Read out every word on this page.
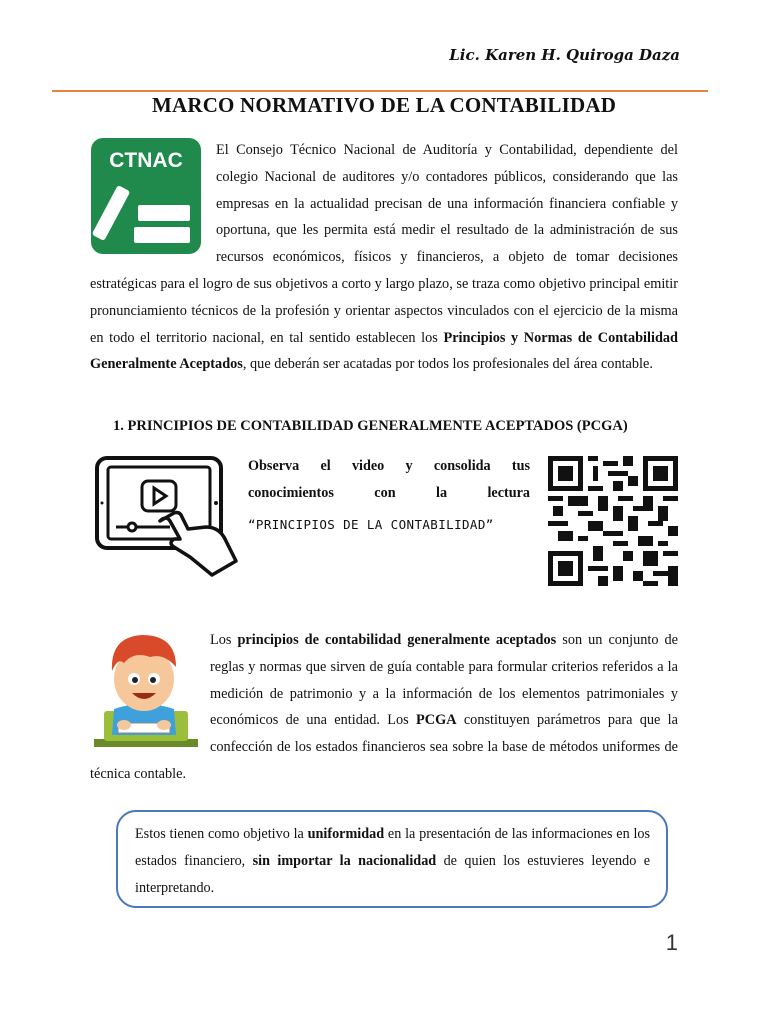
Lic. Karen H. Quiroga Daza
MARCO NORMATIVO DE LA CONTABILIDAD
CTNAC El Consejo Técnico Nacional de Auditoría y Contabilidad, dependiente del colegio Nacional de auditores y/o contadores públicos, considerando que las empresas en la actualidad precisan de una información financiera confiable y oportuna, que les permita está medir el resultado de la administración de sus recursos económicos, físicos y financieros, a objeto de tomar decisiones estratégicas para el logro de sus objetivos a corto y largo plazo, se traza como objetivo principal emitir pronunciamiento técnicos de la profesión y orientar aspectos vinculados con el ejercicio de la misma en todo el territorio nacional, en tal sentido establecen los Principios y Normas de Contabilidad Generalmente Aceptados, que deberán ser acatadas por todos los profesionales del área contable.
1. PRINCIPIOS DE CONTABILIDAD GENERALMENTE ACEPTADOS (PCGA)
Observa el video y consolida tus conocimientos con la lectura
“PRINCIPIOS DE LA CONTABILIDAD”
Los principios de contabilidad generalmente aceptados son un conjunto de reglas y normas que sirven de guía contable para formular criterios referidos a la medición de patrimonio y a la información de los elementos patrimoniales y económicos de una entidad. Los PCGA constituyen parámetros para que la confección de los estados financieros sea sobre la base de métodos uniformes de técnica contable.
Estos tienen como objetivo la uniformidad en la presentación de las informaciones en los estados financiero, sin importar la nacionalidad de quien los estuvieres leyendo e interpretando.
1
